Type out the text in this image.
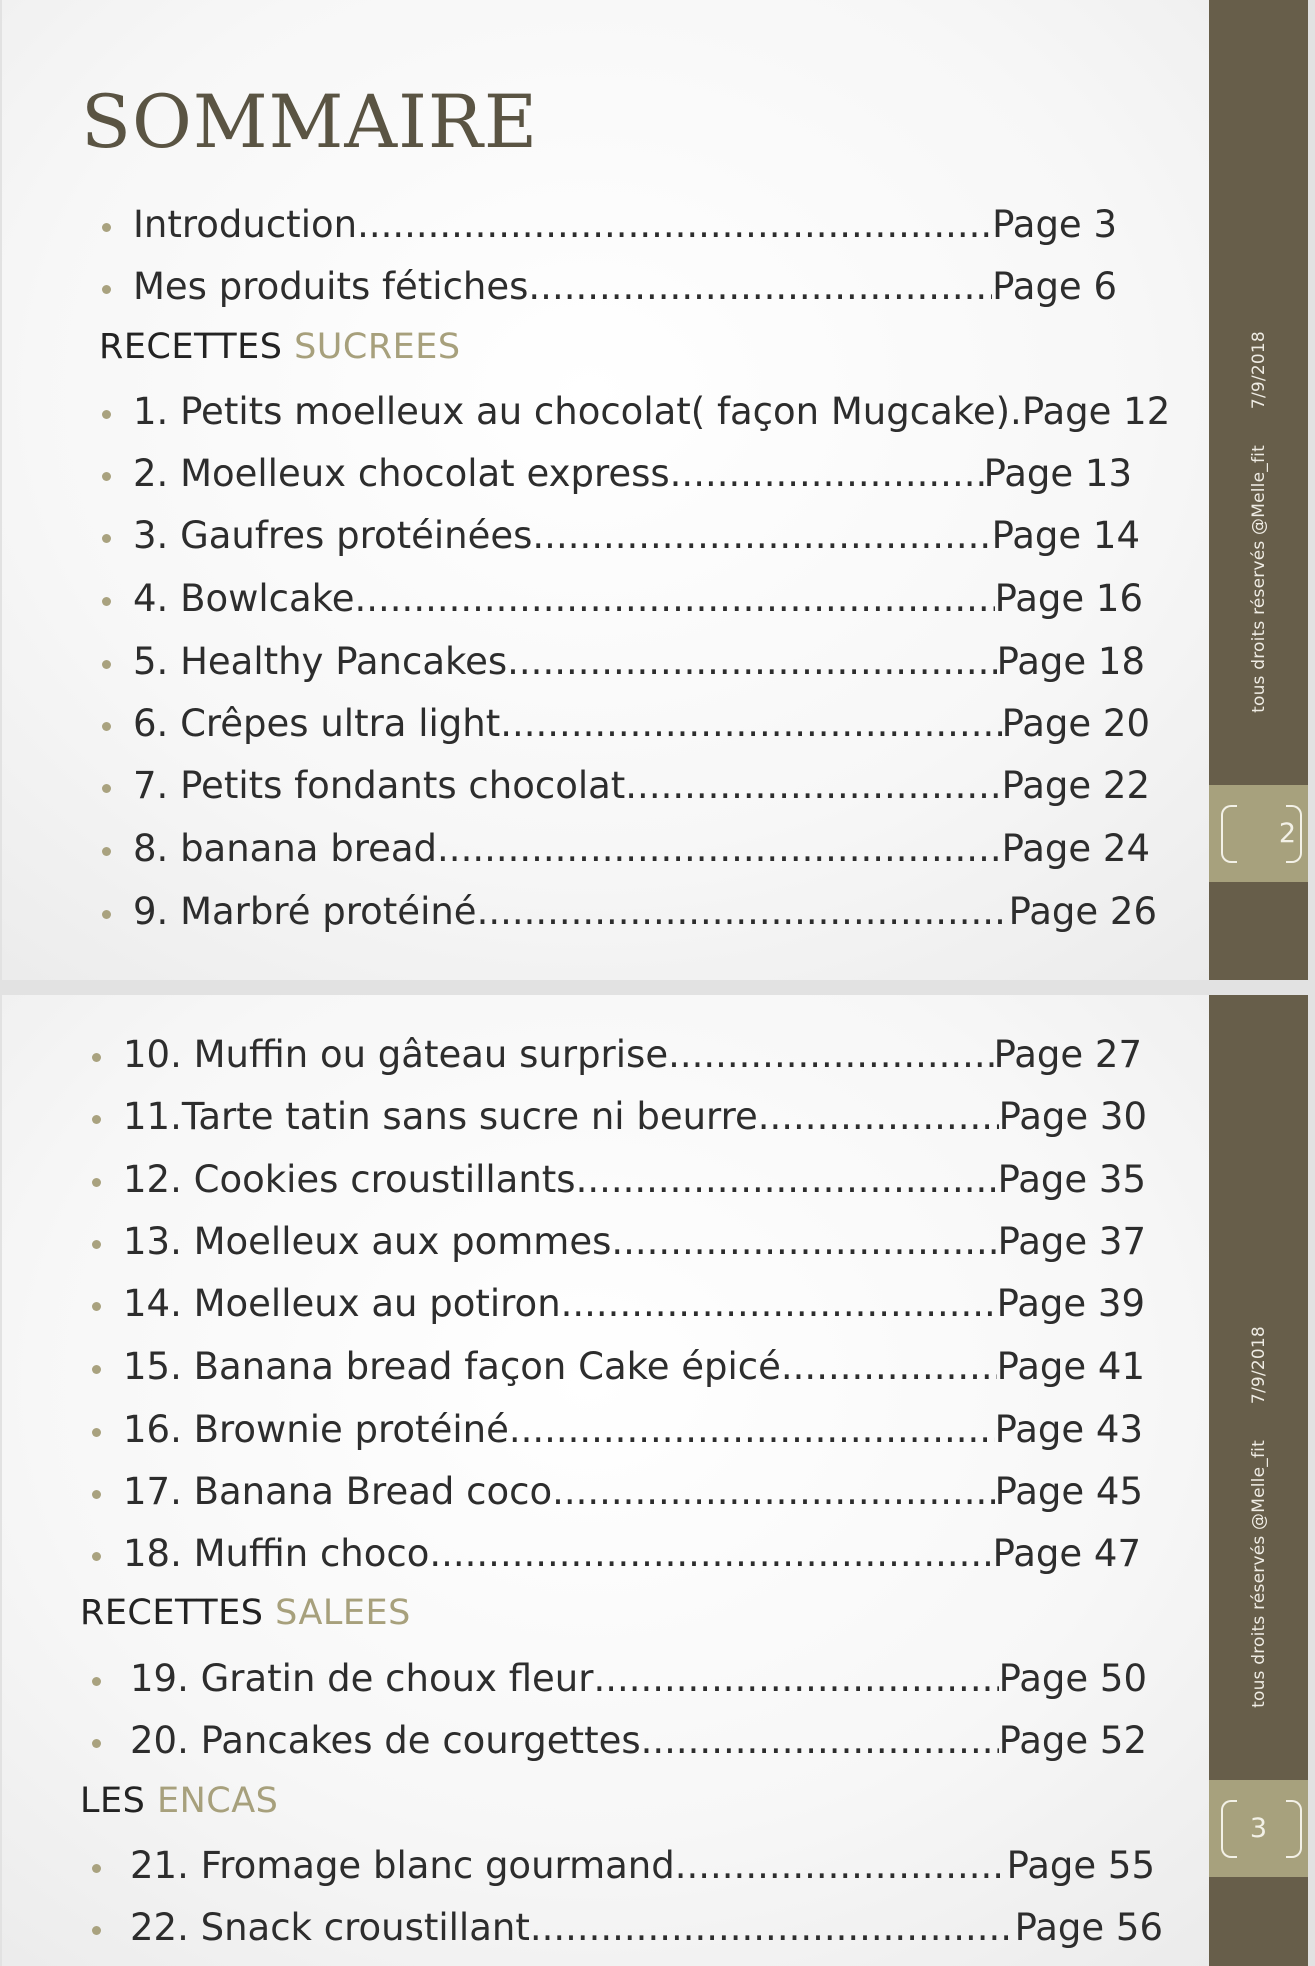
SOMMAIRE
Introduction .....	Page 3
Mes produits fétiches .....	Page 6
RECETTES SUCREES
1. Petits moelleux au chocolat( façon Mugcake). Page 12
2. Moelleux chocolat express .....	Page 13
3. Gaufres protéinées .....	Page 14
4. Bowlcake .....	Page 16
5. Healthy Pancakes .....	Page 18
6. Crêpes ultra light .....	Page 20
7. Petits fondants chocolat .....	Page 22
8. banana bread .....	Page 24
9. Marbré protéiné .....	Page 26
tous droits réservés @Melle_fit7/9/2018
2
10. Muffin ou gâteau surprise .....	Page 27
11.Tarte tatin sans sucre ni beurre .....	Page 30
12. Cookies croustillants .....	Page 35
13. Moelleux aux pommes .....	Page 37
14. Moelleux au potiron .....	Page 39
15. Banana bread façon Cake épicé .....	Page 41
16. Brownie protéiné .....	Page 43
17. Banana Bread coco .....	Page 45
18. Muffin choco .....	Page 47
RECETTES SALEES
19. Gratin de choux fleur .....	Page 50
20. Pancakes de courgettes .....	Page 52
LES ENCAS
21. Fromage blanc gourmand .....	Page 55
22. Snack croustillant .....	Page 56
tous droits réservés @Melle_fit7/9/2018
3
